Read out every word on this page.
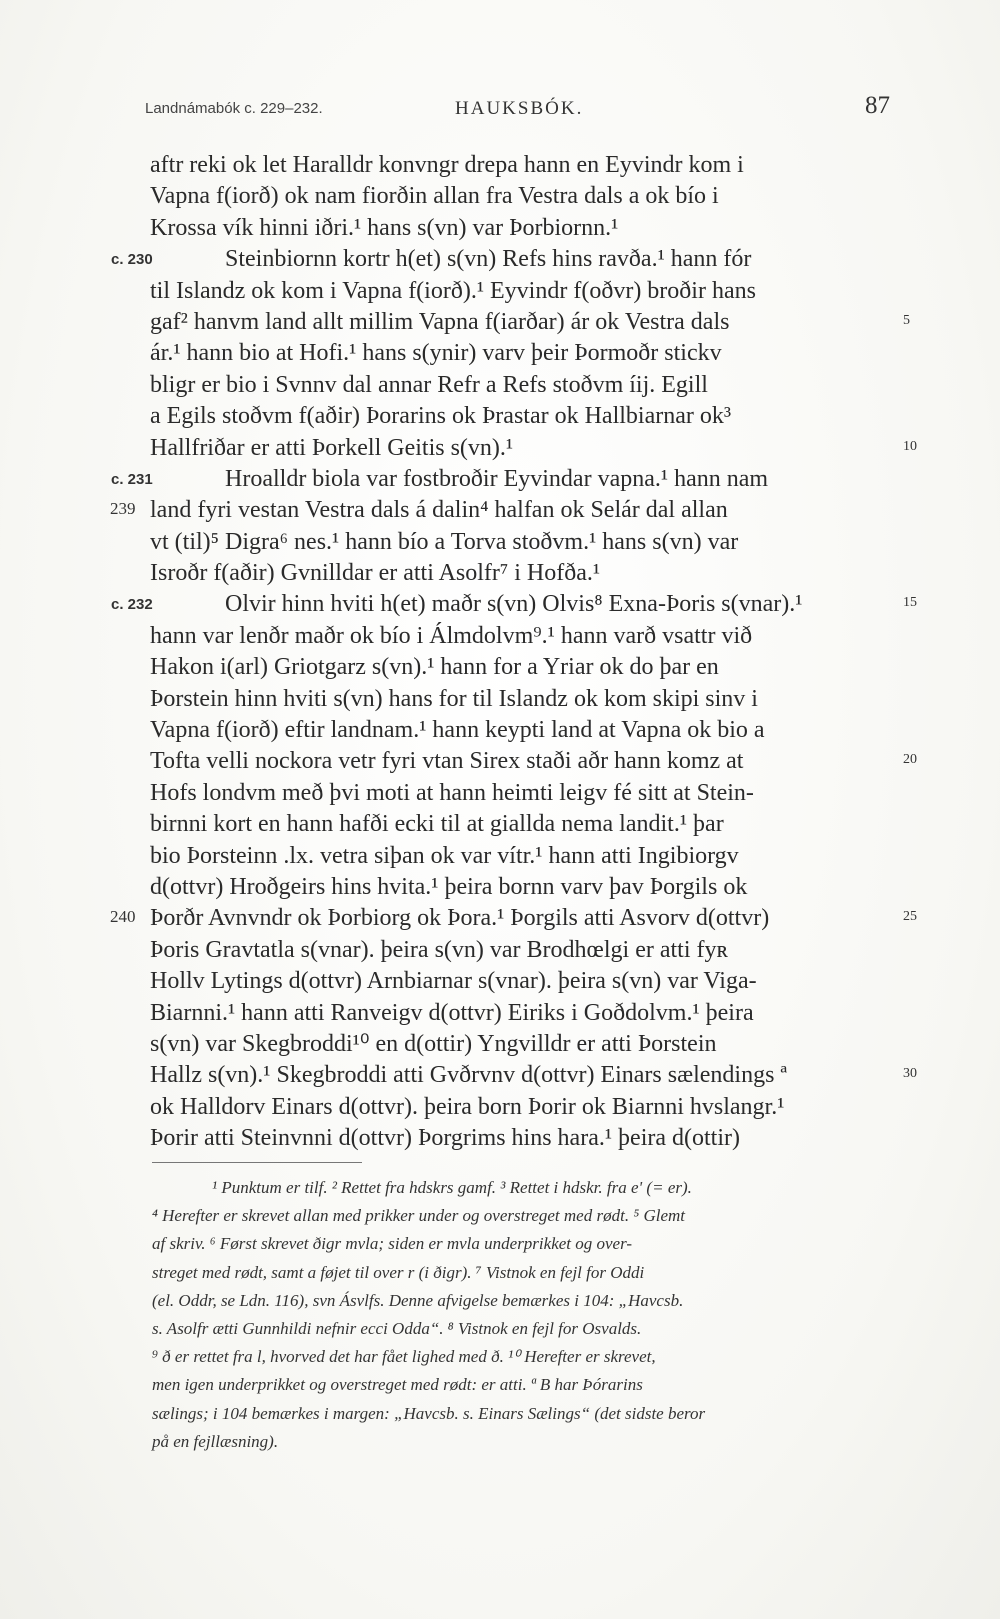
Landnámabók c. 229–232.	HAUKSBÓK.	87
aftr reki ok let Haralldr konvngr drepa hann en Eyvindr kom i
Vapna f(iorð) ok nam fiorðin allan fra Vestra dals a ok bío i
Krossa vík hinni iðri.¹ hans s(vn) var Þorbiornn.¹
Steinbiornn kortr h(et) s(vn) Refs hins ravða.¹ hann fór
c. 230
til Islandz ok kom i Vapna f(iorð).¹ Eyvindr f(oðvr) broðir hans
gaf² hanvm land allt millim Vapna f(iarðar) ár ok Vestra dals	5
ár.¹ hann bio at Hofi.¹ hans s(ynir) varv þeir Þormoðr stickv
bligr er bio i Svnnv dal annar Refr a Refs stoðvm íij. Egill
a Egils stoðvm f(aðir) Þorarins ok Þrastar ok Hallbiarnar ok³
Hallfriðar er atti Þorkell Geitis s(vn).¹	10
Hroalldr biola var fostbroðir Eyvindar vapna.¹ hann nam
c. 231
land fyri vestan Vestra dals á dalin⁴ halfan ok Selár dal allan
239
vt (til)⁵ Digra⁶ nes.¹ hann bío a Torva stoðvm.¹ hans s(vn) var
Isroðr f(aðir) Gvnilldar er atti Asolfr⁷ i Hofða.¹
Olvir hinn hviti h(et) maðr s(vn) Olvis⁸ Exna-Þoris s(vnar).¹
c. 232	15
hann var lenðr maðr ok bío i Álmdolvm⁹.¹ hann varð vsattr við
Hakon i(arl) Griotgarz s(vn).¹ hann for a Yriar ok do þar en
Þorstein hinn hviti s(vn) hans for til Islandz ok kom skipi sinv i
Vapna f(iorð) eftir landnam.¹ hann keypti land at Vapna ok bio a
Tofta velli nockora vetr fyri vtan Sirex staði aðr hann komz at	20
Hofs londvm með þvi moti at hann heimti leigv fé sitt at Stein-
birnni kort en hann hafði ecki til at giallda nema landit.¹ þar
bio Þorsteinn .lx. vetra siþan ok var vítr.¹ hann atti Ingibiorgv
d(ottvr) Hroðgeirs hins hvita.¹ þeira bornn varv þav Þorgils ok
Þorðr Avnvndr ok Þorbiorg ok Þora.¹ Þorgils atti Asvorv d(ottvr)
240	25
Þoris Gravtatla s(vnar). þeira s(vn) var Brodhœlgi er atti fyʀ
Hollv Lytings d(ottvr) Arnbiarnar s(vnar). þeira s(vn) var Viga-
Biarnni.¹ hann atti Ranveigv d(ottvr) Eiriks i Goðdolvm.¹ þeira
s(vn) var Skegbroddi¹⁰ en d(ottir) Yngvilldr er atti Þorstein
Hallz s(vn).¹ Skegbroddi atti Gvðrvnv d(ottvr) Einars sælendings ª	30
ok Halldorv Einars d(ottvr). þeira born Þorir ok Biarnni hvslangr.¹
Þorir atti Steinvnni d(ottvr) Þorgrims hins hara.¹ þeira d(ottir)
¹ Punktum er tilf. ² Rettet fra hdskrs gamf. ³ Rettet i hdskr. fra e' (= er).
⁴ Herefter er skrevet allan med prikker under og overstreget med rødt. ⁵ Glemt
af skriv. ⁶ Først skrevet ðigr mvla; siden er mvla underprikket og over-
streget med rødt, samt a føjet til over r (i ðigr). ⁷ Vistnok en fejl for Oddi
(el. Oddr, se Ldn. 116), svn Ásvlfs. Denne afvigelse bemærkes i 104: „Havcsb.
s. Asolfr ætti Gunnhildi nefnir ecci Odda“. ⁸ Vistnok en fejl for Osvalds.
⁹ ð er rettet fra l, hvorved det har fået lighed med ð. ¹⁰ Herefter er skrevet,
men igen underprikket og overstreget med rødt: er atti. ª B har Þórarins
sælings; i 104 bemærkes i margen: „Havcsb. s. Einars Sælings“ (det sidste beror
på en fejllæsning).
